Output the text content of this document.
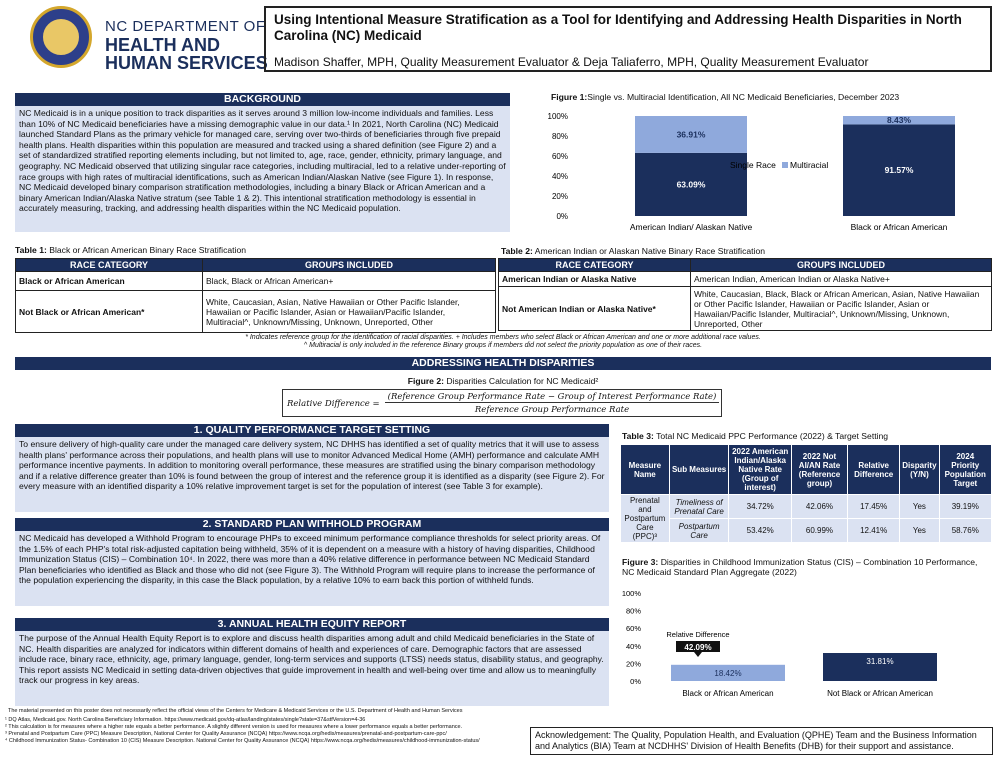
NC DEPARTMENT OF
HEALTH AND
HUMAN SERVICES
Using Intentional Measure Stratification as a Tool for Identifying and Addressing Health Disparities in North Carolina (NC) Medicaid
Madison Shaffer, MPH, Quality Measurement Evaluator & Deja Taliaferro, MPH, Quality Measurement Evaluator
BACKGROUND
NC Medicaid is in a unique position to track disparities as it serves around 3 million low-income individuals and families. Less than 10% of NC Medicaid beneficiaries have a missing demographic value in our data.¹ In 2021, North Carolina (NC) Medicaid launched Standard Plans as the primary vehicle for managed care, serving over two-thirds of beneficiaries through five prepaid health plans. Health disparities within this population are measured and tracked using a shared definition (see Figure 2) and a set of standardized stratified reporting elements including, but not limited to, age, race, gender, ethnicity, primary language, and geography. NC Medicaid observed that utilizing singular race categories, including multiracial, led to a relative under-reporting of race groups with high rates of multiracial identifications, such as American Indian/Alaskan Native (see Figure 1). In response, NC Medicaid developed binary comparison stratification methodologies, including a binary Black or African American and a binary American Indian/Alaska Native stratum (see Table 1 & 2). This intentional stratification methodology is essential in accurately measuring, tracking, and addressing health disparities within the NC Medicaid population.
Figure 1:Single vs. Multiracial Identification, All NC Medicaid Beneficiaries, December 2023
0%
20%
40%
60%
80%
100%
63.09%
36.91%
American Indian/ Alaskan Native
91.57%
8.43%
Black or African American
Single Race Multiracial
Table 1: Black or African American Binary Race Stratification
RACE CATEGORY	GROUPS INCLUDED
Black or African American	Black, Black or African American+
Not Black or African American*	White, Caucasian, Asian, Native Hawaiian or Other Pacific Islander, Hawaiian or Pacific Islander, Asian or Hawaiian/Pacific Islander, Multiracial^, Unknown/Missing, Unknown, Unreported, Other
Table 2: American Indian or Alaskan Native Binary Race Stratification
RACE CATEGORY	GROUPS INCLUDED
American Indian or Alaska Native	American Indian, American Indian or Alaska Native+
Not American Indian or Alaska Native*	White, Caucasian, Black, Black or African American, Asian, Native Hawaiian or Other Pacific Islander, Hawaiian or Pacific Islander, Asian or Hawaiian/Pacific Islander, Multiracial^, Unknown/Missing, Unknown, Unreported, Other
* Indicates reference group for the identification of racial disparities. + Includes members who select Black or African American and one or more additional race values.
^ Multiracial is only included in the reference Binary groups if members did not select the priority population as one of their races.
ADDRESSING HEALTH DISPARITIES
Figure 2: Disparities Calculation for NC Medicaid²
Relative Difference =
(Reference Group Performance Rate − Group of Interest Performance Rate)
Reference Group Performance Rate
1. QUALITY PERFORMANCE TARGET SETTING
To ensure delivery of high-quality care under the managed care delivery system, NC DHHS has identified a set of quality metrics that it will use to assess health plans' performance across their populations, and health plans will use to monitor Advanced Medical Home (AMH) performance and calculate AMH performance incentive payments. In addition to monitoring overall performance, these measures are stratified using the binary comparison methodology and if a relative difference greater than 10% is found between the group of interest and the reference group it is identified as a disparity (see Figure 2). For every measure with an identified disparity a 10% relative improvement target is set for the population of interest (see Table 3 for example).
2. STANDARD PLAN WITHHOLD PROGRAM
NC Medicaid has developed a Withhold Program to encourage PHPs to exceed minimum performance compliance thresholds for select priority areas. Of the 1.5% of each PHP's total risk-adjusted capitation being withheld, 35% of it is dependent on a measure with a history of having disparities, Childhood Immunization Status (CIS) – Combination 10⁴. In 2022, there was more than a 40% relative difference in performance between NC Medicaid Standard Plan beneficiaries who identified as Black and those who did not (see Figure 3). The Withhold Program will require plans to increase the performance of the population experiencing the disparity, in this case the Black population, by a relative 10% to earn back this portion of withheld funds.
3. ANNUAL HEALTH EQUITY REPORT
The purpose of the Annual Health Equity Report is to explore and discuss health disparities among adult and child Medicaid beneficiaries in the State of NC. Health disparities are analyzed for indicators within different domains of health and experiences of care. Demographic factors that are assessed include race, binary race, ethnicity, age, primary language, gender, long-term services and supports (LTSS) needs status, disability status, and geography. This report assists NC Medicaid in setting data-driven objectives that guide improvement in health and well-being over time and allow us to meaningfully track our progress in key areas.
Table 3: Total NC Medicaid PPC Performance (2022) & Target Setting
Measure Name	Sub Measures	2022 American Indian/Alaska Native Rate (Group of interest)	2022 Not AI/AN Rate (Reference group)	Relative Difference	Disparity (Y/N)	2024 Priority Population Target
Prenatal and Postpartum Care (PPC)³	Timeliness of Prenatal Care	34.72%	42.06%	17.45%	Yes	39.19%
	Postpartum Care	53.42%	60.99%	12.41%	Yes	58.76%
Figure 3: Disparities in Childhood Immunization Status (CIS) – Combination 10 Performance, NC Medicaid Standard Plan Aggregate (2022)
0%
20%
40%
60%
80%
100%
18.42%
Black or African American
31.81%
Not Black or African American
Relative Difference
42.09%
The material presented on this poster does not necessarily reflect the official views of the Centers for Medicare & Medicaid Services or the U.S. Department of Health and Human Services
¹ DQ Atlas, Medicaid.gov. North Carolina Beneficiary Information. https://www.medicaid.gov/dq-atlas/landing/states/single?state=37&stfVersion=4-36
² This calculation is for measures where a higher rate equals a better performance. A slightly different version is used for measures where a lower performance equals a better performance.
³ Prenatal and Postpartum Care (PPC) Measure Description, National Center for Quality Assurance (NCQA) https://www.ncqa.org/hedis/measures/prenatal-and-postpartum-care-ppc/
⁴ Childhood Immunization Status- Combination 10 (CIS) Measure Description. National Center for Quality Assurance (NCQA) https://www.ncqa.org/hedis/measures/childhood-immunization-status/
Acknowledgement: The Quality, Population Health, and Evaluation (QPHE) Team and the Business Information and Analytics (BIA) Team at NCDHHS' Division of Health Benefits (DHB) for their support and assistance.
